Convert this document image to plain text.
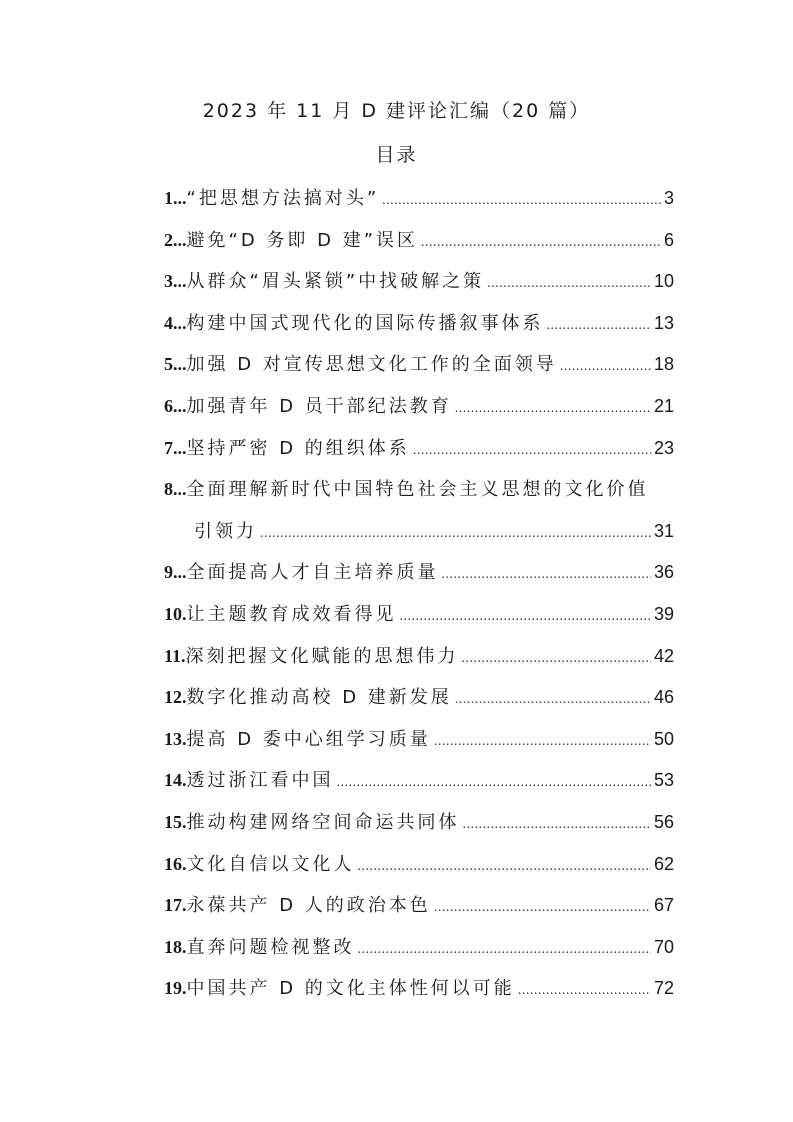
2023 年 11 月 D 建评论汇编（20 篇）
目录
1... “把思想方法搞对头” .....	3
2... 避免“D 务即 D 建”误区 .....	6
3... 从群众“眉头紧锁”中找破解之策 .....	10
4... 构建中国式现代化的国际传播叙事体系 .....	13
5... 加强 D 对宣传思想文化工作的全面领导 .....	18
6... 加强青年 D 员干部纪法教育 .....	21
7... 坚持严密 D 的组织体系 .....	23
8... 全面理解新时代中国特色社会主义思想的文化价值
引领力 .....	31
9... 全面提高人才自主培养质量 .....	36
10. 让主题教育成效看得见 .....	39
11. 深刻把握文化赋能的思想伟力 .....	42
12. 数字化推动高校 D 建新发展 .....	46
13. 提高 D 委中心组学习质量 .....	50
14. 透过浙江看中国 .....	53
15. 推动构建网络空间命运共同体 .....	56
16. 文化自信以文化人 .....	62
17. 永葆共产 D 人的政治本色 .....	67
18. 直奔问题检视整改 .....	70
19. 中国共产 D 的文化主体性何以可能 .....	72
